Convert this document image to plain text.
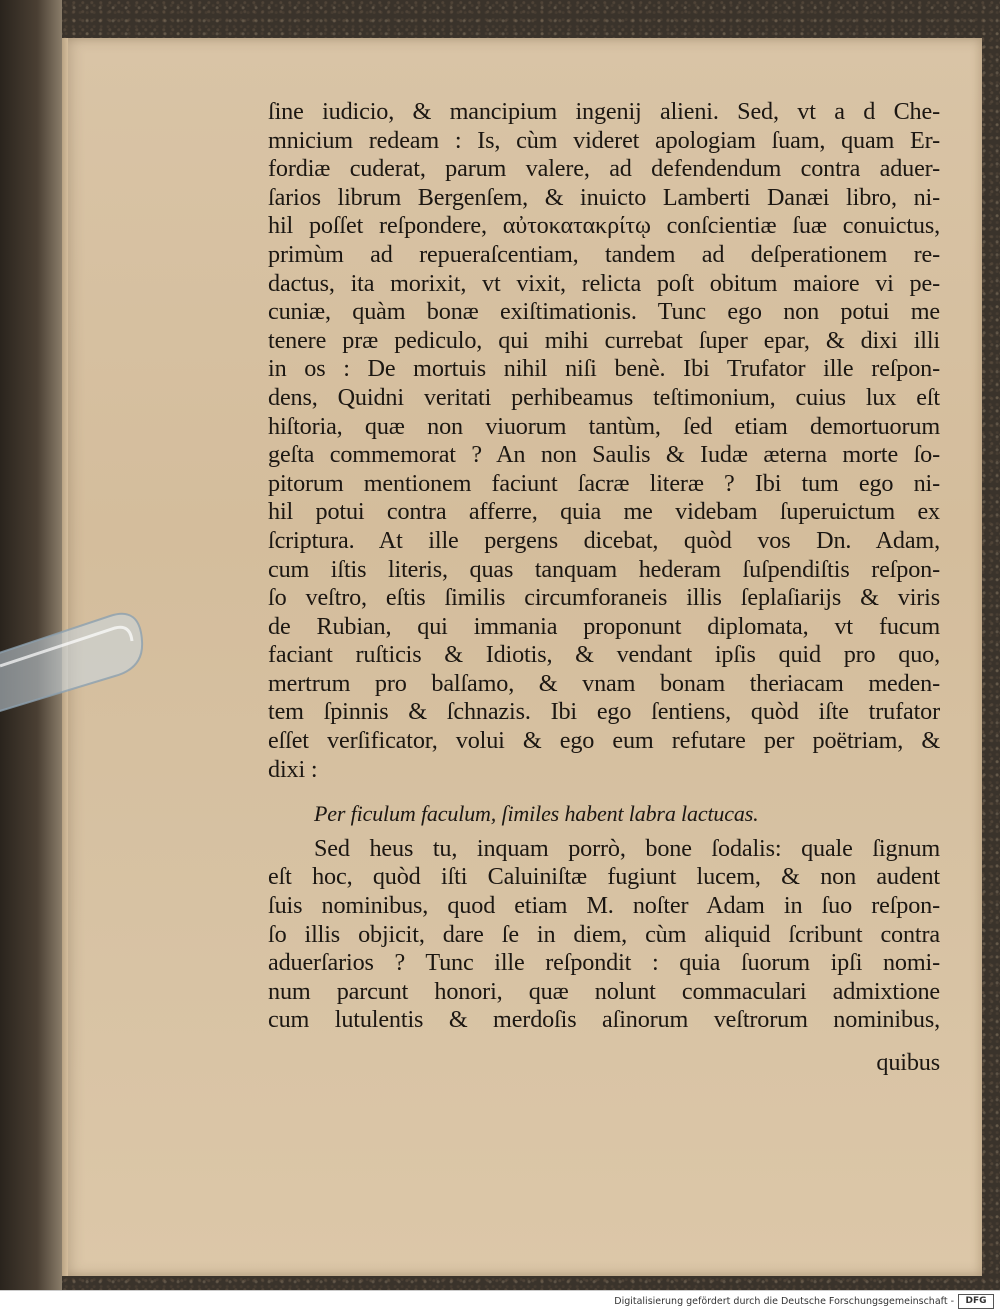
ſine iudicio, & mancipium ingenij alieni. Sed, vt a d Che-
mnicium redeam : Is, cùm videret apologiam ſuam, quam Er-
fordiæ cuderat, parum valere, ad defendendum contra aduer-
ſarios librum Bergenſem, & inuicto Lamberti Danæi libro, ni-
hil poſſet reſpondere, αὐτοκατακρίτῳ conſcientiæ ſuæ conuictus,
primùm ad repueraſcentiam, tandem ad deſperationem re-
dactus, ita morixit, vt vixit, relicta poſt obitum maiore vi pe-
cuniæ, quàm bonæ exiſtimationis. Tunc ego non potui me
tenere præ pediculo, qui mihi currebat ſuper epar, & dixi illi
in os : De mortuis nihil niſi benè. Ibi Trufator ille reſpon-
dens, Quidni veritati perhibeamus teſtimonium, cuius lux eſt
hiſtoria, quæ non viuorum tantùm, ſed etiam demortuorum
geſta commemorat ? An non Saulis & Iudæ æterna morte ſo-
pitorum mentionem faciunt ſacræ literæ ? Ibi tum ego ni-
hil potui contra afferre, quia me videbam ſuperuictum ex
ſcriptura. At ille pergens dicebat, quòd vos Dn. Adam,
cum iſtis literis, quas tanquam hederam ſuſpendiſtis reſpon-
ſo veſtro, eſtis ſimilis circumforaneis illis ſeplaſiarijs & viris
de Rubian, qui immania proponunt diplomata, vt fucum
faciant ruſticis & Idiotis, & vendant ipſis quid pro quo,
mertrum pro balſamo, & vnam bonam theriacam meden-
tem ſpinnis & ſchnazis. Ibi ego ſentiens, quòd iſte trufator
eſſet verſificator, volui & ego eum refutare per poëtriam, &
dixi :
Per ficulum faculum, ſimiles habent labra lactucas.
Sed heus tu, inquam porrò, bone ſodalis: quale ſignum
eſt hoc, quòd iſti Caluiniſtæ fugiunt lucem, & non audent
ſuis nominibus, quod etiam M. noſter Adam in ſuo reſpon-
ſo illis objicit, dare ſe in diem, cùm aliquid ſcribunt contra
aduerſarios ? Tunc ille reſpondit : quia ſuorum ipſi nomi-
num parcunt honori, quæ nolunt commaculari admixtione
cum lutulentis & merdoſis aſinorum veſtrorum nominibus,
quibus
Digitalisierung gefördert durch die Deutsche Forschungsgemeinschaft -	DFG
